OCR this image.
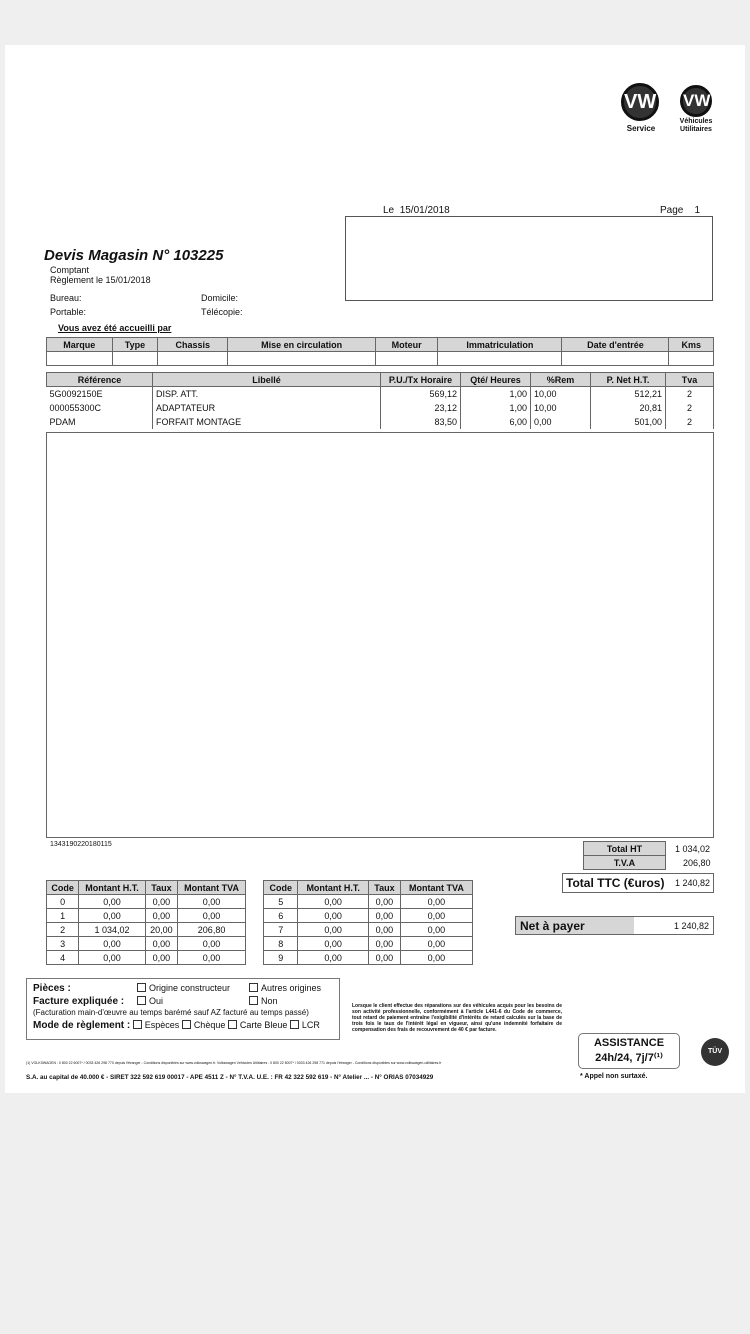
VW
Service
VW
Véhicules
Utilitaires
Le 15/01/2018	Page 1
Devis Magasin N° 103225
Comptant
Règlement le 15/01/2018
Bureau:	Domicile:
Portable:	Télécopie:
Vous avez été accueilli par
Marque	Type	Chassis	Mise en circulation	Moteur	Immatriculation	Date d'entrée	Kms

Référence	Libellé	P.U./Tx Horaire	Qté/ Heures	%Rem	P. Net H.T.	Tva
5G0092150E	DISP. ATT.	569,12	1,00	10,00	512,21	2
000055300C	ADAPTATEUR	23,12	1,00	10,00	20,81	2
PDAM	FORFAIT MONTAGE	83,50	6,00	0,00	501,00	2
1343190220180115	Total HT	1 034,02
T.V.A	206,80
Total TTC (€uros) 1 240,82
Net à payer	1 240,82
Code	Montant H.T.	Taux	Montant TVA
0	0,00	0,00	0,00
1	0,00	0,00	0,00
2	1 034,02	20,00	206,80
3	0,00	0,00	0,00
4	0,00	0,00	0,00
Code	Montant H.T.	Taux	Montant TVA
5	0,00	0,00	0,00
6	0,00	0,00	0,00
7	0,00	0,00	0,00
8	0,00	0,00	0,00
9	0,00	0,00	0,00
Pièces :	Origine constructeur	Autres origines
Facture expliquée :	Oui	Non
(Facturation main-d'œuvre au temps barémé sauf AZ facturé au temps passé)
Mode de règlement : Espèces Chèque Carte Bleue LCR
Lorsque le client effectue des réparations sur des véhicules acquis pour les besoins de son activité professionnelle, conformément à l'article L441-6 du Code de commerce, tout retard de paiement entraîne l'exigibilité d'intérêts de retard calculés sur la base de trois fois le taux de l'intérêt légal en vigueur, ainsi qu'une indemnité forfaitaire de compensation des frais de recouvrement de 40 € par facture.
ASSISTANCE
24h/24, 7j/7⁽¹⁾
* Appel non surtaxé.
TÜV
(1) VOLKSWAGEN : 0 800 22 6007* / 0033 426 298 770 depuis l'étranger - Conditions disponibles sur www.volkswagen.fr. Volkswagen Véhicules Utilitaires : 0 800 22 6007* / 0033 426 298 771 depuis l'étranger - Conditions disponibles sur www.volkswagen-utilitaires.fr
S.A. au capital de 40.000 € - SIRET 322 592 619 00017 - APE 4511 Z - N° T.V.A. U.E. : FR 42 322 592 619 - N° Atelier ... - N° ORIAS 07034929
